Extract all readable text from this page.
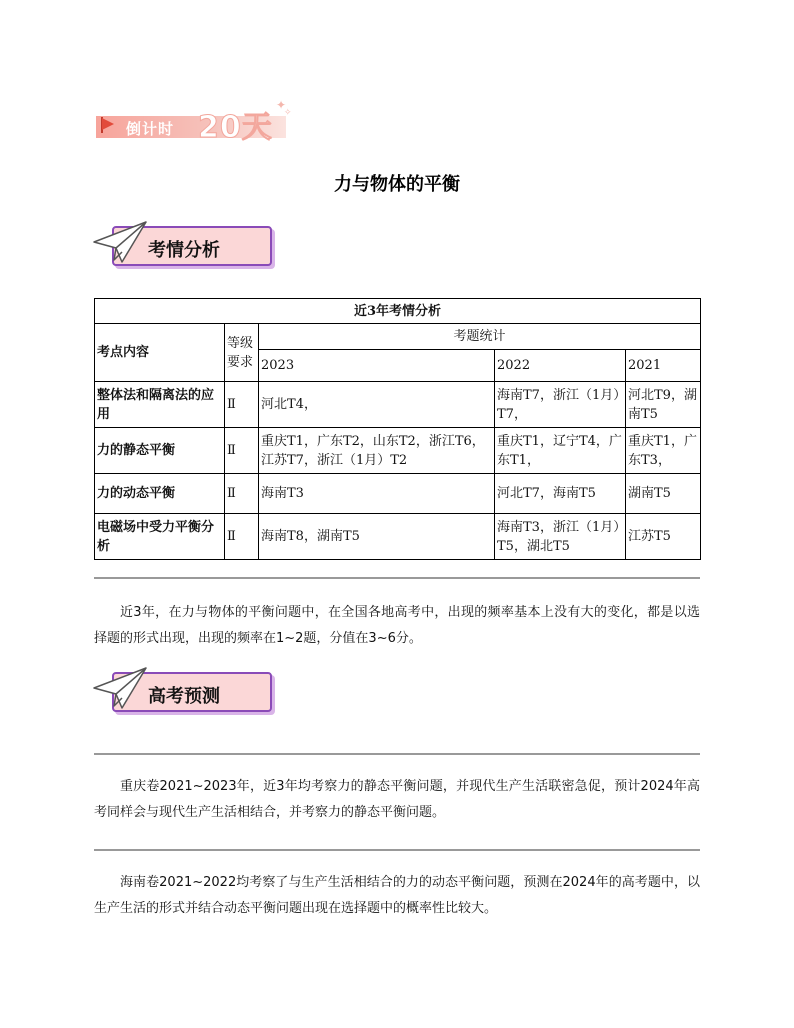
倒计时 20天
✦
✧
力与物体的平衡
考情分析
近3年考情分析				
考点内容	等级要求	考题统计		
		2023	2022	2021
整体法和隔离法的应用	Ⅱ	河北T4，	海南T7，浙江（1月）T7，	河北T9，湖南T5
力的静态平衡	Ⅱ	重庆T1，广东T2，山东T2，浙江T6，江苏T7，浙江（1月）T2	重庆T1，辽宁T4，广东T1，	重庆T1，广东T3，
力的动态平衡	Ⅱ	海南T3	河北T7，海南T5	湖南T5
电磁场中受力平衡分析	Ⅱ	海南T8，湖南T5	海南T3，浙江（1月）T5，湖北T5	江苏T5
近3年，在力与物体的平衡问题中，在全国各地高考中，出现的频率基本上没有大的变化，都是以选择题的形式出现，出现的频率在1~2题，分值在3~6分。
高考预测
重庆卷2021~2023年，近3年均考察力的静态平衡问题，并现代生产生活联密急促，预计2024年高考同样会与现代生产生活相结合，并考察力的静态平衡问题。
海南卷2021~2022均考察了与生产生活相结合的力的动态平衡问题，预测在2024年的高考题中，以生产生活的形式并结合动态平衡问题出现在选择题中的概率性比较大。
